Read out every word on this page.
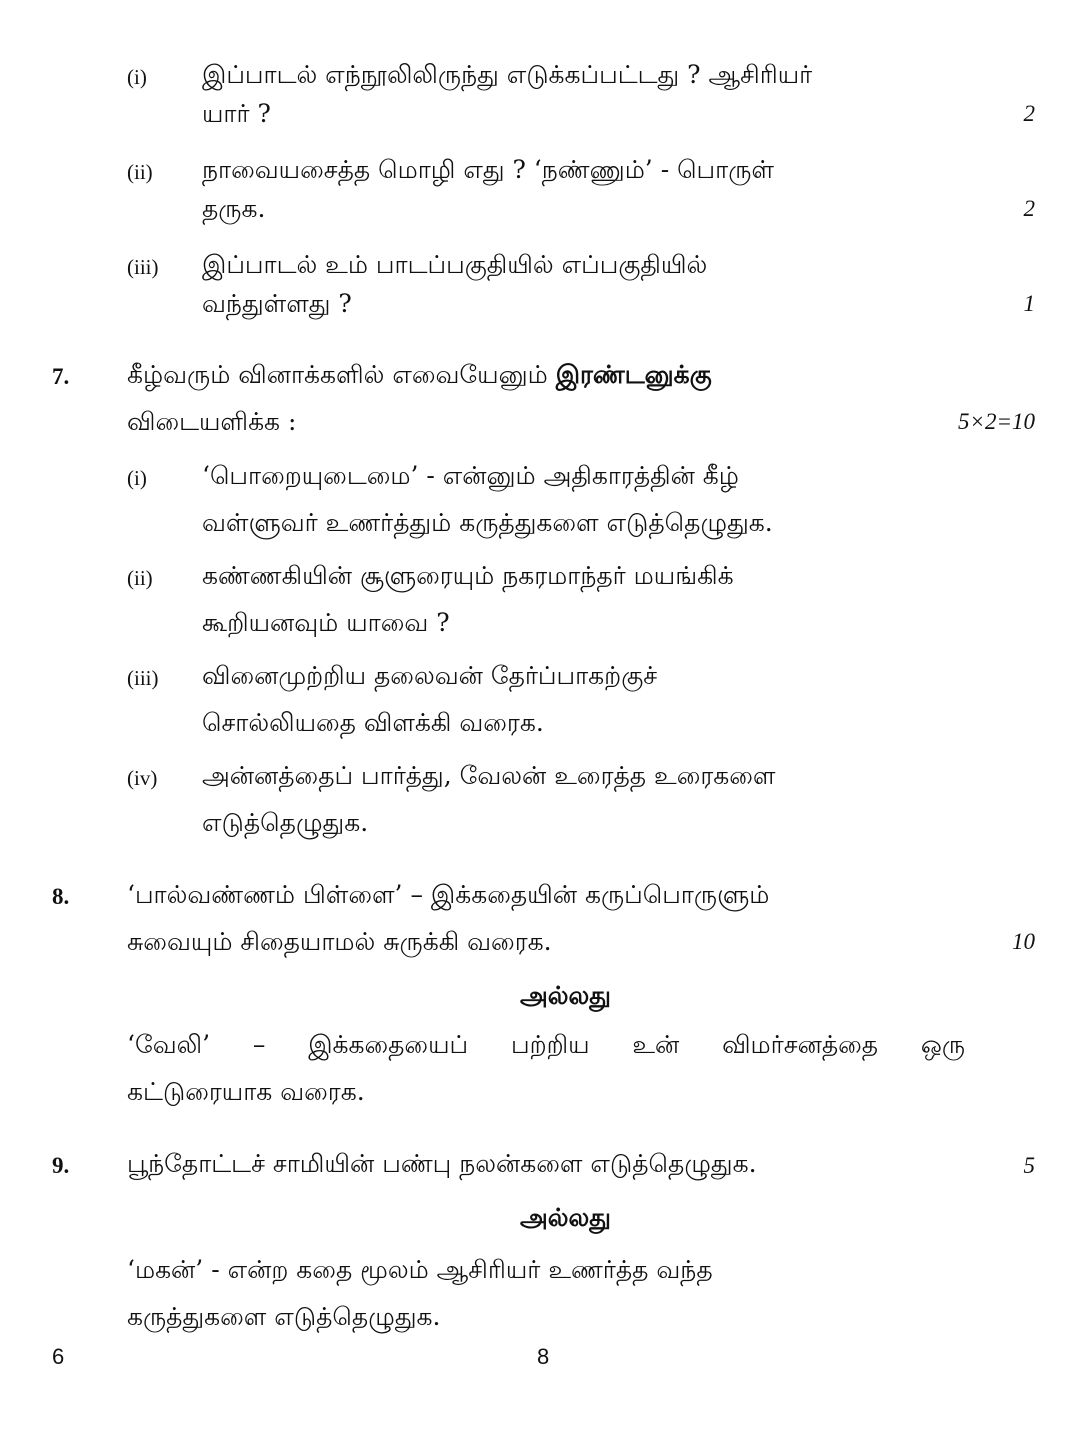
(i) இப்பாடல் எந்நூலிலிருந்து எடுக்கப்பட்டது ? ஆசிரியர்
யார் ?	2
(ii) நாவையசைத்த மொழி எது ? ‘நண்ணும்’ - பொருள்
தருக.	2
(iii) இப்பாடல் உம் பாடப்பகுதியில் எப்பகுதியில்
வந்துள்ளது ?	1
7. கீழ்வரும் வினாக்களில் எவையேனும் இரண்டனுக்கு
விடையளிக்க :	5×2=10
(i) ‘பொறையுடைமை’ - என்னும் அதிகாரத்தின் கீழ்
வள்ளுவர் உணர்த்தும் கருத்துகளை எடுத்தெழுதுக.
(ii) கண்ணகியின் சூளுரையும் நகரமாந்தர் மயங்கிக்
கூறியனவும் யாவை ?
(iii) வினைமுற்றிய தலைவன் தேர்ப்பாகற்குச்
சொல்லியதை விளக்கி வரைக.
(iv) அன்னத்தைப் பார்த்து, வேலன் உரைத்த உரைகளை
எடுத்தெழுதுக.
8. ‘பால்வண்ணம் பிள்ளை’ – இக்கதையின் கருப்பொருளும்
சுவையும் சிதையாமல் சுருக்கி வரைக.	10
அல்லது
‘வேலி’ – இக்கதையைப் பற்றிய உன் விமர்சனத்தை ஒரு
கட்டுரையாக வரைக.
9. பூந்தோட்டச் சாமியின் பண்பு நலன்களை எடுத்தெழுதுக.	5
அல்லது
‘மகன்’ - என்ற கதை மூலம் ஆசிரியர் உணர்த்த வந்த
கருத்துகளை எடுத்தெழுதுக.
6	8
